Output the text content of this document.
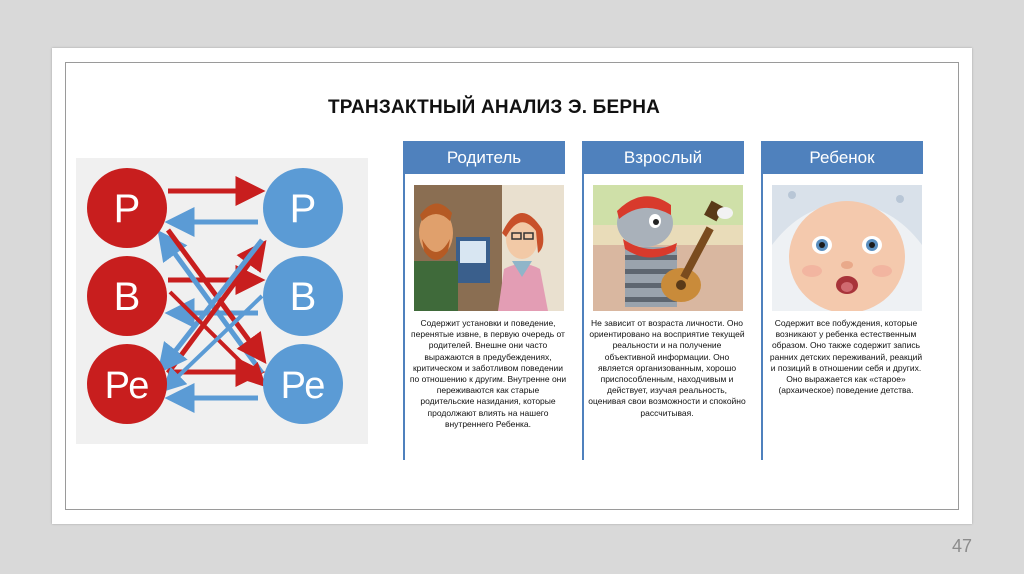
ТРАНЗАКТНЫЙ АНАЛИЗ Э. БЕРНА
Р
В
Ре
Р
В
Ре
Родитель
Содержит установки и поведение, перенятые извне, в первую очередь от родителей. Внешне они часто выражаются в предубеждениях, критическом и заботливом поведении по отношению к другим. Внутренне они переживаются как старые родительские назидания, которые продолжают влиять на нашего внутреннего Ребенка.
Взрослый
Не зависит от возраста личности. Оно ориентировано на восприятие текущей реальности и на получение объективной информации. Оно является организованным, хорошо приспособленным, находчивым и действует, изучая реальность, оценивая свои возможности и спокойно рассчитывая.
Ребенок
Содержит все побуждения, которые возникают у ребенка естественным образом. Оно также содержит запись ранних детских переживаний, реакций и позиций в отношении себя и других. Оно выражается как «старое» (архаическое) поведение детства.
47
